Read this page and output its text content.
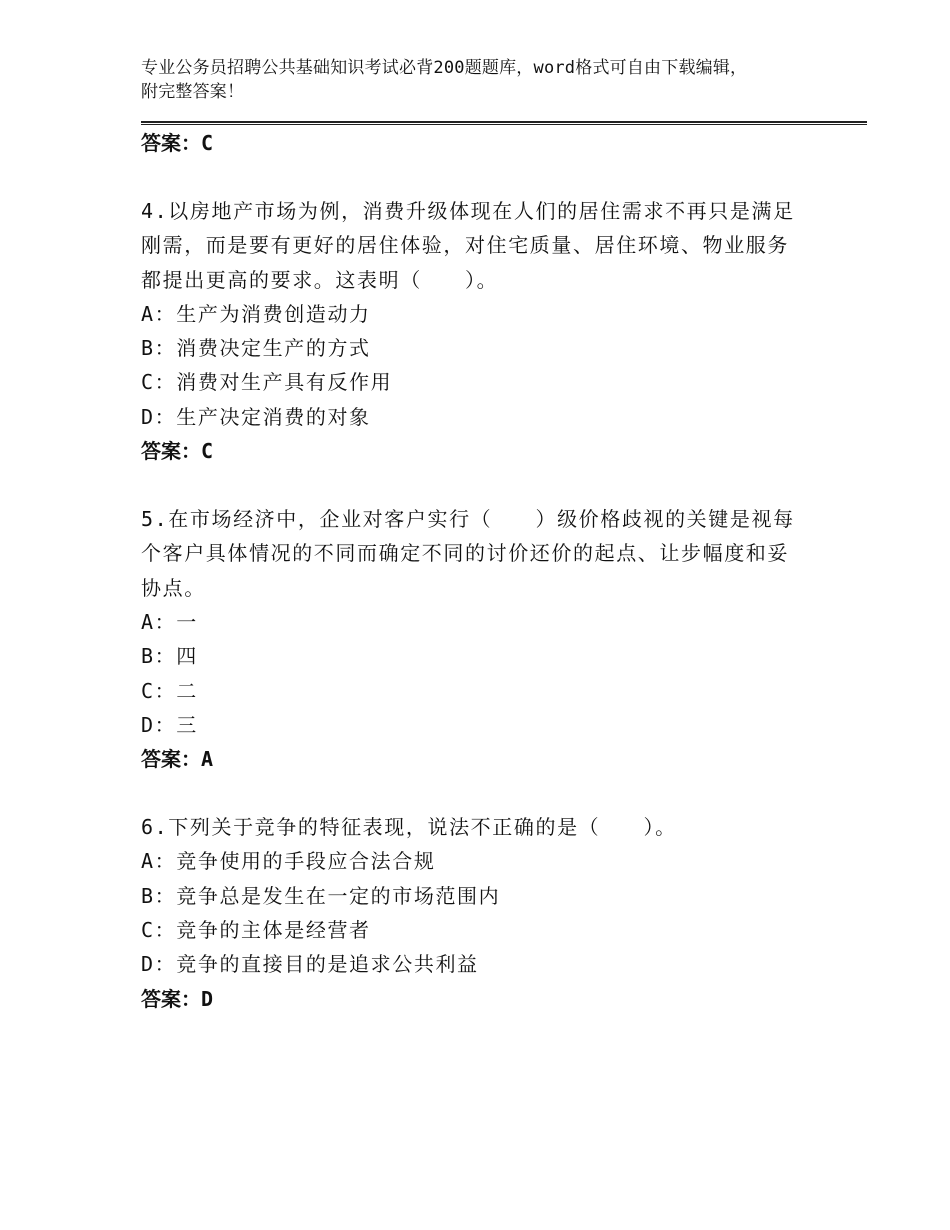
专业公务员招聘公共基础知识考试必背200题题库，word格式可自由下载编辑，
附完整答案！

答案：C

4.以房地产市场为例，消费升级体现在人们的居住需求不再只是满足刚需，而是要有更好的居住体验，对住宅质量、居住环境、物业服务都提出更高的要求。这表明（　　）。

A：生产为消费创造动力

B：消费决定生产的方式

C：消费对生产具有反作用

D：生产决定消费的对象

答案：C

5.在市场经济中，企业对客户实行（　　）级价格歧视的关键是视每个客户具体情况的不同而确定不同的讨价还价的起点、让步幅度和妥协点。

A：一

B：四

C：二

D：三

答案：A

6.下列关于竞争的特征表现，说法不正确的是（　　）。

A：竞争使用的手段应合法合规

B：竞争总是发生在一定的市场范围内

C：竞争的主体是经营者

D：竞争的直接目的是追求公共利益

答案：D
